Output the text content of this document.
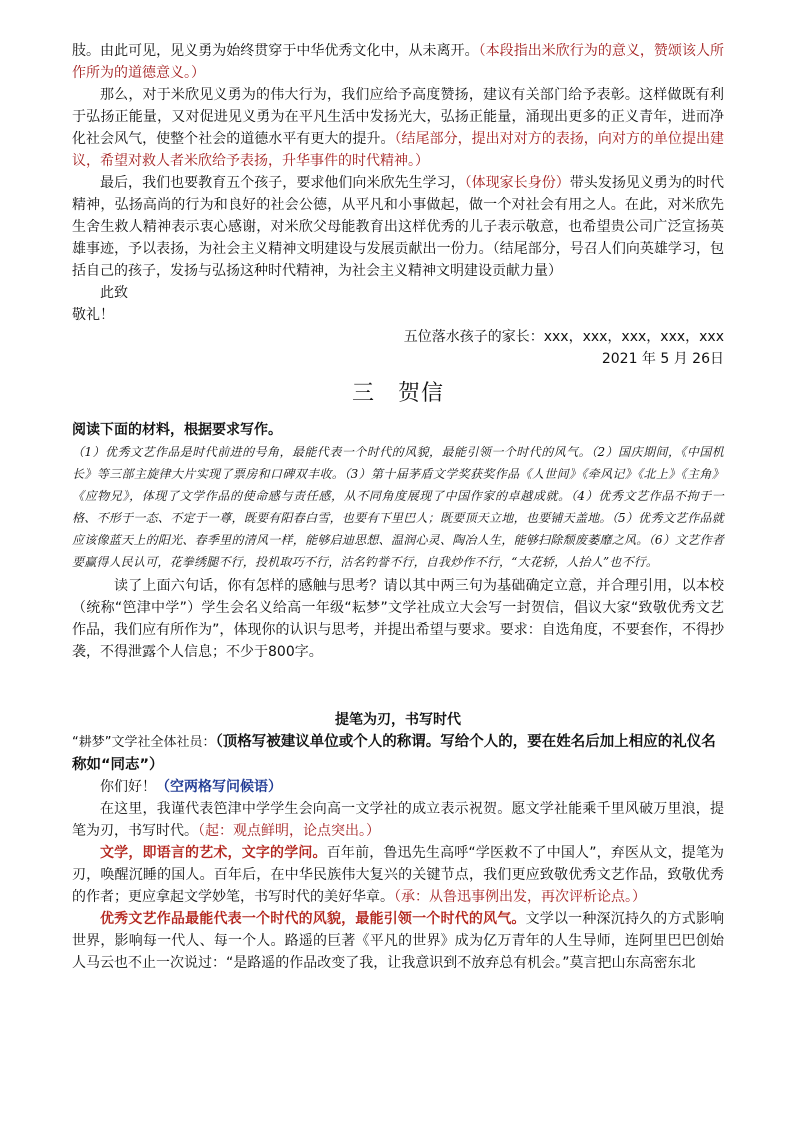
肢。由此可见，见义勇为始终贯穿于中华优秀文化中，从未离开。（本段指出米欣行为的意义，赞颂该人所作所为的道德意义。）

那么，对于米欣见义勇为的伟大行为，我们应给予高度赞扬，建议有关部门给予表彰。这样做既有利于弘扬正能量，又对促进见义勇为在平凡生活中发扬光大，弘扬正能量，涌现出更多的正义青年，进而净化社会风气，使整个社会的道德水平有更大的提升。（结尾部分，提出对对方的表扬，向对方的单位提出建议，希望对救人者米欣给予表扬，升华事件的时代精神。）

最后，我们也要教育五个孩子，要求他们向米欣先生学习，（体现家长身份）带头发扬见义勇为的时代精神，弘扬高尚的行为和良好的社会公德，从平凡和小事做起，做一个对社会有用之人。在此，对米欣先生舍生救人精神表示衷心感谢，对米欣父母能教育出这样优秀的儿子表示敬意，也希望贵公司广泛宣扬英雄事迹，予以表扬，为社会主义精神文明建设与发展贡献出一份力。（结尾部分，号召人们向英雄学习，包括自己的孩子，发扬与弘扬这种时代精神，为社会主义精神文明建设贡献力量）

此致

敬礼！

五位落水孩子的家长：xxx，xxx，xxx，xxx，xxx

2021 年 5 月 26日

三　贺信
阅读下面的材料，根据要求写作。

（1）优秀文艺作品是时代前进的号角，最能代表一个时代的风貌，最能引领一个时代的风气。（2）国庆期间，《中国机长》等三部主旋律大片实现了票房和口碑双丰收。（3）第十届茅盾文学奖获奖作品《人世间》《牵风记》《北上》《主角》《应物兄》，体现了文学作品的使命感与责任感，从不同角度展现了中国作家的卓越成就。（4）优秀文艺作品不拘于一格、不形于一态、不定于一尊，既要有阳春白雪，也要有下里巴人；既要顶天立地，也要铺天盖地。（5）优秀文艺作品就应该像蓝天上的阳光、春季里的清风一样，能够启迪思想、温润心灵、陶冶人生，能够扫除颓废萎靡之风。（6）文艺作者要赢得人民认可，花拳绣腿不行，投机取巧不行，沽名钓誉不行，自我炒作不行，“大花轿，人抬人”也不行。

读了上面六句话，你有怎样的感触与思考？请以其中两三句为基础确定立意，并合理引用，以本校（统称“笆津中学”）学生会名义给高一年级“耘梦”文学社成立大会写一封贺信，倡议大家“致敬优秀文艺作品，我们应有所作为”，体现你的认识与思考，并提出希望与要求。要求：自选角度，不要套作，不得抄袭，不得泄露个人信息；不少于800字。

提笔为刃，书写时代

“耕梦”文学社全体社员：（顶格写被建议单位或个人的称谓。写给个人的，要在姓名后加上相应的礼仪名称如“同志”）

你们好！（空两格写问候语）

在这里，我谨代表笆津中学学生会向高一文学社的成立表示祝贺。愿文学社能乘千里风破万里浪，提笔为刃，书写时代。（起：观点鲜明，论点突出。）

文学，即语言的艺术，文字的学问。百年前，鲁迅先生高呼“学医救不了中国人”，弃医从文，提笔为刃，唤醒沉睡的国人。百年后，在中华民族伟大复兴的关键节点，我们更应致敬优秀文艺作品，致敬优秀的作者；更应拿起文学妙笔，书写时代的美好华章。（承：从鲁迅事例出发，再次评析论点。）

优秀文艺作品最能代表一个时代的风貌，最能引领一个时代的风气。文学以一种深沉持久的方式影响世界，影响每一代人、每一个人。路遥的巨著《平凡的世界》成为亿万青年的人生导师，连阿里巴巴创始人马云也不止一次说过：“是路遥的作品改变了我，让我意识到不放弃总有机会。”莫言把山东高密东北
